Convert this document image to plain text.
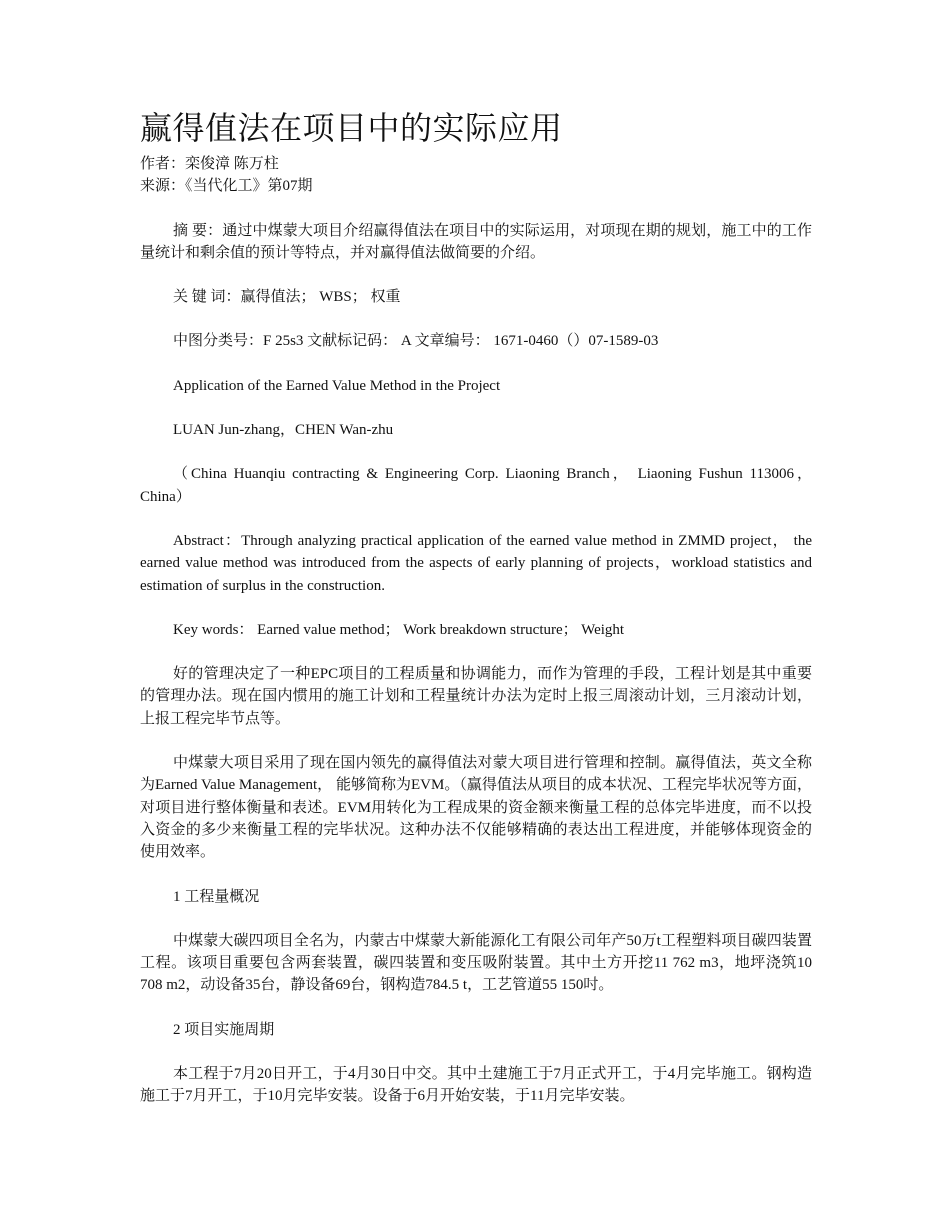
赢得值法在项目中的实际应用

作者：栾俊漳 陈万柱

来源：《当代化工》第07期

摘 要：通过中煤蒙大项目介绍赢得值法在项目中的实际运用，对项现在期的规划，施工中的工作量统计和剩余值的预计等特点，并对赢得值法做简要的介绍。

关 键 词：赢得值法； WBS； 权重

中图分类号：F 25s3 文献标记码： A 文章编号： 1671-0460（）07-1589-03

Application of the Earned Value Method in the Project

LUAN Jun-zhang，CHEN Wan-zhu

（China Huanqiu contracting & Engineering Corp. Liaoning Branch， Liaoning Fushun 113006， China）

Abstract：Through analyzing practical application of the earned value method in ZMMD project， the earned value method was introduced from the aspects of early planning of projects，workload statistics and estimation of surplus in the construction.

Key words： Earned value method； Work breakdown structure； Weight

好的管理决定了一种EPC项目的工程质量和协调能力，而作为管理的手段，工程计划是其中重要的管理办法。现在国内惯用的施工计划和工程量统计办法为定时上报三周滚动计划，三月滚动计划，上报工程完毕节点等。

中煤蒙大项目采用了现在国内领先的赢得值法对蒙大项目进行管理和控制。赢得值法，英文全称为Earned Value Management， 能够简称为EVM。（赢得值法从项目的成本状况、工程完毕状况等方面，对项目进行整体衡量和表述。EVM用转化为工程成果的资金额来衡量工程的总体完毕进度，而不以投入资金的多少来衡量工程的完毕状况。这种办法不仅能够精确的表达出工程进度，并能够体现资金的使用效率。

1 工程量概况

中煤蒙大碳四项目全名为，内蒙古中煤蒙大新能源化工有限公司年产50万t工程塑料项目碳四装置工程。该项目重要包含两套装置，碳四装置和变压吸附装置。其中土方开挖11 762 m3，地坪浇筑10 708 m2，动设备35台，静设备69台，钢构造784.5 t，工艺管道55 150吋。

2 项目实施周期

本工程于7月20日开工，于4月30日中交。其中土建施工于7月正式开工，于4月完毕施工。钢构造施工于7月开工，于10月完毕安装。设备于6月开始安装，于11月完毕安装。
